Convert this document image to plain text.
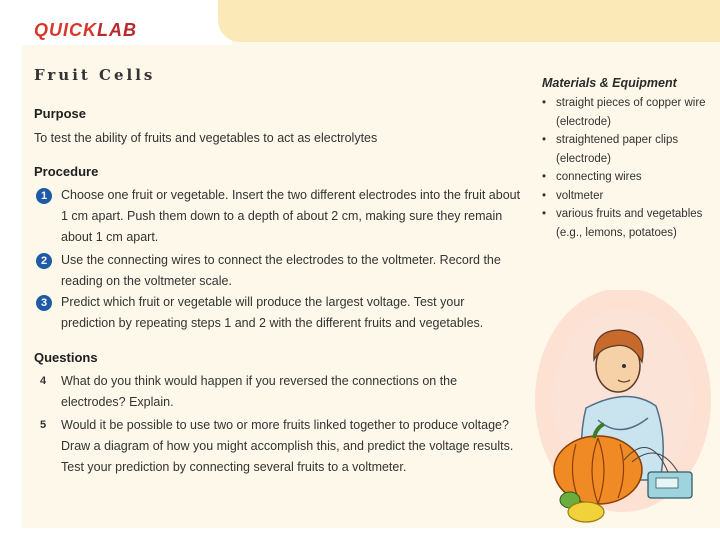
QUICKLAB
Fruit Cells
Purpose
To test the ability of fruits and vegetables to act as electrolytes
Procedure
1	Choose one fruit or vegetable. Insert the two different electrodes into the fruit about 1 cm apart. Push them down to a depth of about 2 cm, making sure they remain about 1 cm apart.
2	Use the connecting wires to connect the electrodes to the voltmeter. Record the reading on the voltmeter scale.
3	Predict which fruit or vegetable will produce the largest voltage. Test your prediction by repeating steps 1 and 2 with the different fruits and vegetables.
Questions
4 What do you think would happen if you reversed the connections on the electrodes? Explain.
5 Would it be possible to use two or more fruits linked together to produce voltage? Draw a diagram of how you might accomplish this, and predict the voltage results. Test your prediction by connecting several fruits to a voltmeter.
Materials & Equipment
• straight pieces of copper wire (electrode)
• straightened paper clips (electrode)
• connecting wires
• voltmeter
• various fruits and vegetables (e.g., lemons, potatoes)
